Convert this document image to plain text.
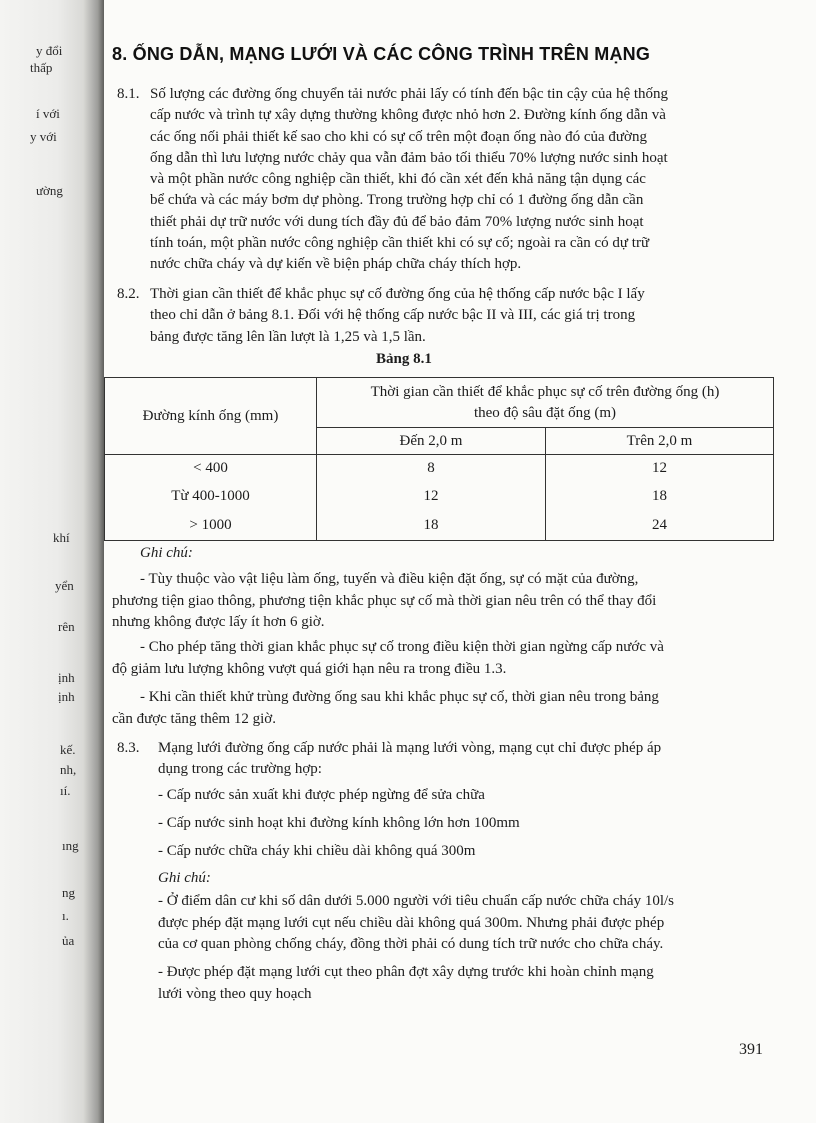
y đổi
thấp
í với
y với
ường
khí
yển
rên
ịnh
ịnh
kế.
nh,
ıí.
ıng
ng
ı.
ủa
8. ỐNG DẪN, MẠNG LƯỚI VÀ CÁC CÔNG TRÌNH TRÊN MẠNG
8.1. Số lượng các đường ống chuyển tải nước phải lấy có tính đến bậc tin cậy của hệ thống
cấp nước và trình tự xây dựng thường không được nhỏ hơn 2. Đường kính ống dẫn và
các ống nối phải thiết kế sao cho khi có sự cố trên một đoạn ống nào đó của đường
ống dẫn thì lưu lượng nước chảy qua vẫn đảm bảo tối thiểu 70% lượng nước sinh hoạt
và một phần nước công nghiệp cần thiết, khi đó cần xét đến khả năng tận dụng các
bể chứa và các máy bơm dự phòng. Trong trường hợp chỉ có 1 đường ống dẫn cần
thiết phải dự trữ nước với dung tích đầy đủ để bảo đảm 70% lượng nước sinh hoạt
tính toán, một phần nước công nghiệp cần thiết khi có sự cố; ngoài ra cần có dự trữ
nước chữa cháy và dự kiến về biện pháp chữa cháy thích hợp.
8.2. Thời gian cần thiết để khắc phục sự cố đường ống của hệ thống cấp nước bậc I lấy
theo chỉ dẫn ở bảng 8.1. Đối với hệ thống cấp nước bậc II và III, các giá trị trong
bảng được tăng lên lần lượt là 1,25 và 1,5 lần.
Bảng 8.1
Đường kính ống (mm)	Thời gian cần thiết để khắc phục sự cố trên đường ống (h)
theo độ sâu đặt ống (m)	

	Đến 2,0 m	Trên 2,0 m
< 400	8	12
Từ 400-1000	12	18
> 1000	18	24
Ghi chú:
- Tùy thuộc vào vật liệu làm ống, tuyến và điều kiện đặt ống, sự có mặt của đường,
phương tiện giao thông, phương tiện khắc phục sự cố mà thời gian nêu trên có thể thay đổi
nhưng không được lấy ít hơn 6 giờ.
- Cho phép tăng thời gian khắc phục sự cố trong điều kiện thời gian ngừng cấp nước và
độ giảm lưu lượng không vượt quá giới hạn nêu ra trong điều 1.3.
- Khi cần thiết khử trùng đường ống sau khi khắc phục sự cố, thời gian nêu trong bảng
cần được tăng thêm 12 giờ.
8.3. Mạng lưới đường ống cấp nước phải là mạng lưới vòng, mạng cụt chỉ được phép áp
dụng trong các trường hợp:
- Cấp nước sản xuất khi được phép ngừng để sửa chữa
- Cấp nước sinh hoạt khi đường kính không lớn hơn 100mm
- Cấp nước chữa cháy khi chiều dài không quá 300m
Ghi chú:
- Ở điểm dân cư khi số dân dưới 5.000 người với tiêu chuẩn cấp nước chữa cháy 10l/s
được phép đặt mạng lưới cụt nếu chiều dài không quá 300m. Nhưng phải được phép
của cơ quan phòng chống cháy, đồng thời phải có dung tích trữ nước cho chữa cháy.
- Được phép đặt mạng lưới cụt theo phân đợt xây dựng trước khi hoàn chỉnh mạng
lưới vòng theo quy hoạch
391
